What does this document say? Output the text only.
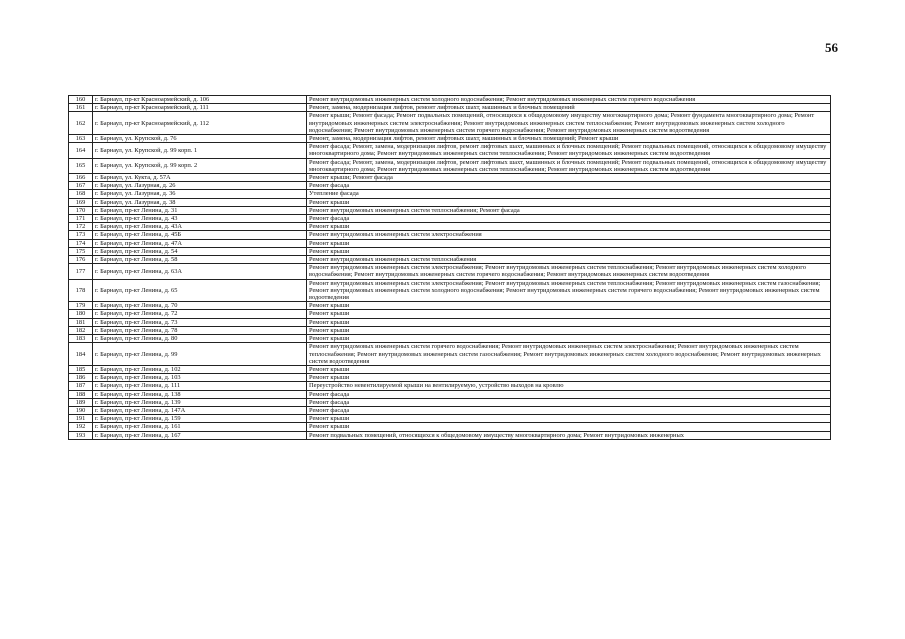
56
160	г. Барнаул, пр-кт Красноармейский, д. 106	Ремонт внутридомовых инженерных систем холодного водоснабжения; Ремонт внутридомовых инженерных систем горячего водоснабжения
161	г. Барнаул, пр-кт Красноармейский, д. 111	Ремонт, замена, модернизация лифтов, ремонт лифтовых шахт, машинных и блочных помещений
162	г. Барнаул, пр-кт Красноармейский, д. 112	Ремонт крыши; Ремонт фасада; Ремонт подвальных помещений, относящихся к общедомовому имуществу многоквартирного дома; Ремонт фундамента многоквартирного дома; Ремонт внутридомовых инженерных систем электроснабжения; Ремонт внутридомовых инженерных систем теплоснабжения; Ремонт внутридомовых инженерных систем холодного водоснабжения; Ремонт внутридомовых инженерных систем горячего водоснабжения; Ремонт внутридомовых инженерных систем водоотведения
163	г. Барнаул, ул. Крупской, д. 76	Ремонт, замена, модернизация лифтов, ремонт лифтовых шахт, машинных и блочных помещений; Ремонт крыши
164	г. Барнаул, ул. Крупской, д. 99 корп. 1	Ремонт фасада; Ремонт, замена, модернизация лифтов, ремонт лифтовых шахт, машинных и блочных помещений; Ремонт подвальных помещений, относящихся к общедомовому имуществу многоквартирного дома; Ремонт внутридомовых инженерных систем теплоснабжения; Ремонт внутридомовых инженерных систем водоотведения
165	г. Барнаул, ул. Крупской, д. 99 корп. 2	Ремонт фасада; Ремонт, замена, модернизация лифтов, ремонт лифтовых шахт, машинных и блочных помещений; Ремонт подвальных помещений, относящихся к общедомовому имуществу многоквартирного дома; Ремонт внутридомовых инженерных систем теплоснабжения; Ремонт внутридомовых инженерных систем водоотведения
166	г. Барнаул, ул. Кукта, д. 57А	Ремонт крыши; Ремонт фасада
167	г. Барнаул, ул. Лазурная, д. 26	Ремонт фасада
168	г. Барнаул, ул. Лазурная, д. 36	Утепление фасада
169	г. Барнаул, ул. Лазурная, д. 38	Ремонт крыши
170	г. Барнаул, пр-кт Ленина, д. 31	Ремонт внутридомовых инженерных систем теплоснабжения; Ремонт фасада
171	г. Барнаул, пр-кт Ленина, д. 43	Ремонт фасада
172	г. Барнаул, пр-кт Ленина, д. 43А	Ремонт крыши
173	г. Барнаул, пр-кт Ленина, д. 45Б	Ремонт внутридомовых инженерных систем электроснабжения
174	г. Барнаул, пр-кт Ленина, д. 47А	Ремонт крыши
175	г. Барнаул, пр-кт Ленина, д. 54	Ремонт крыши
176	г. Барнаул, пр-кт Ленина, д. 58	Ремонт внутридомовых инженерных систем теплоснабжения
177	г. Барнаул, пр-кт Ленина, д. 63А	Ремонт внутридомовых инженерных систем электроснабжения; Ремонт внутридомовых инженерных систем теплоснабжения; Ремонт внутридомовых инженерных систем холодного водоснабжения; Ремонт внутридомовых инженерных систем горячего водоснабжения; Ремонт внутридомовых инженерных систем водоотведения
178	г. Барнаул, пр-кт Ленина, д. 65	Ремонт внутридомовых инженерных систем электроснабжения; Ремонт внутридомовых инженерных систем теплоснабжения; Ремонт внутридомовых инженерных систем газоснабжения; Ремонт внутридомовых инженерных систем холодного водоснабжения; Ремонт внутридомовых инженерных систем горячего водоснабжения; Ремонт внутридомовых инженерных систем водоотведения
179	г. Барнаул, пр-кт Ленина, д. 70	Ремонт крыши
180	г. Барнаул, пр-кт Ленина, д. 72	Ремонт крыши
181	г. Барнаул, пр-кт Ленина, д. 73	Ремонт крыши
182	г. Барнаул, пр-кт Ленина, д. 78	Ремонт крыши
183	г. Барнаул, пр-кт Ленина, д. 80	Ремонт крыши
184	г. Барнаул, пр-кт Ленина, д. 99	Ремонт внутридомовых инженерных систем горячего водоснабжения; Ремонт внутридомовых инженерных систем электроснабжения; Ремонт внутридомовых инженерных систем теплоснабжения; Ремонт внутридомовых инженерных систем газоснабжения; Ремонт внутридомовых инженерных систем холодного водоснабжения; Ремонт внутридомовых инженерных систем водоотведения
185	г. Барнаул, пр-кт Ленина, д. 102	Ремонт крыши
186	г. Барнаул, пр-кт Ленина, д. 103	Ремонт крыши
187	г. Барнаул, пр-кт Ленина, д. 111	Переустройство невентилируемой крыши на вентилируемую, устройство выходов на кровлю
188	г. Барнаул, пр-кт Ленина, д. 138	Ремонт фасада
189	г. Барнаул, пр-кт Ленина, д. 139	Ремонт фасада
190	г. Барнаул, пр-кт Ленина, д. 147А	Ремонт фасада
191	г. Барнаул, пр-кт Ленина, д. 159	Ремонт крыши
192	г. Барнаул, пр-кт Ленина, д. 161	Ремонт крыши
193	г. Барнаул, пр-кт Ленина, д. 167	Ремонт подвальных помещений, относящихся к общедомовому имуществу многоквартирного дома; Ремонт внутридомовых инженерных
